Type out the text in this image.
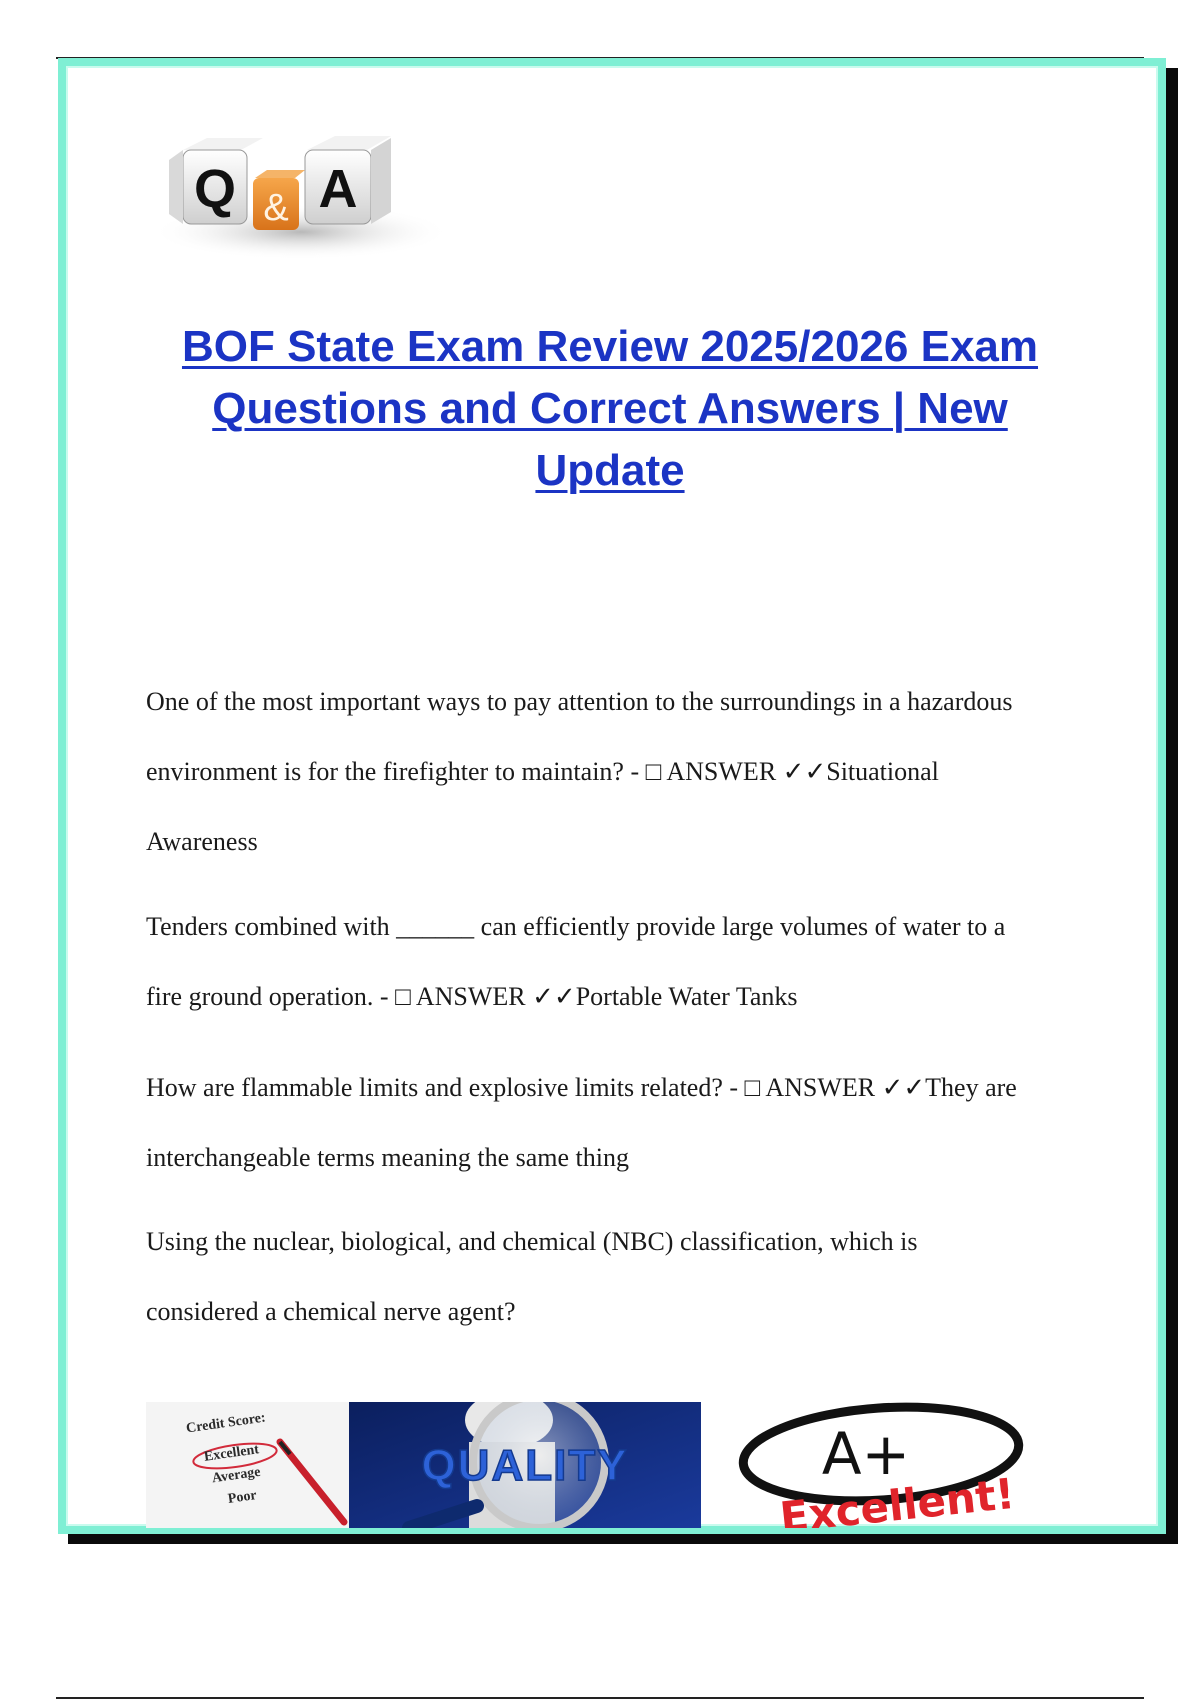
Q & A
BOF State Exam Review 2025/2026 Exam
Questions and Correct Answers | New
Update

One of the most important ways to pay attention to the surroundings in a hazardous

environment is for the firefighter to maintain? - □ ANSWER ✓✓Situational

Awareness

Tenders combined with ______ can efficiently provide large volumes of water to a

fire ground operation. - □ ANSWER ✓✓Portable Water Tanks

How are flammable limits and explosive limits related? - □ ANSWER ✓✓They are

interchangeable terms meaning the same thing

Using the nuclear, biological, and chemical (NBC) classification, which is

considered a chemical nerve agent?

Credit Score:
Excellent
Average
Poor
QUALITY	A+
Excellent!
